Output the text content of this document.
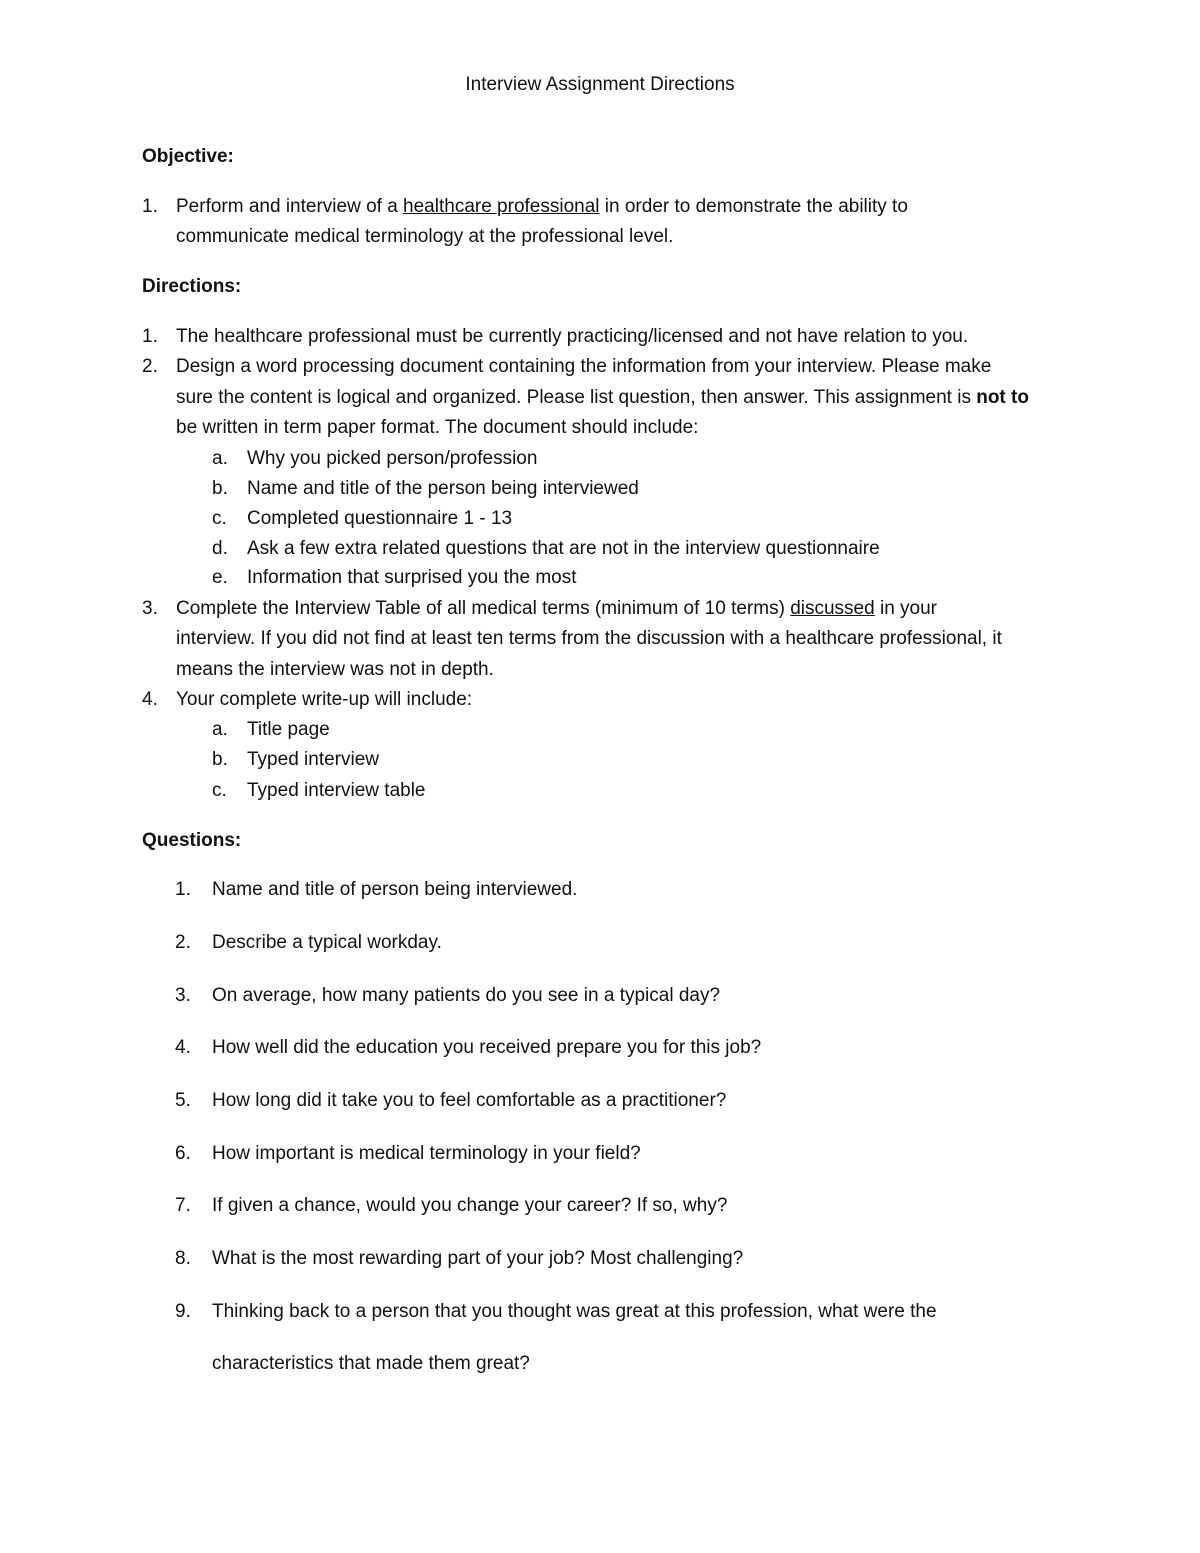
Interview Assignment Directions
Objective:
1. Perform and interview of a healthcare professional in order to demonstrate the ability to
communicate medical terminology at the professional level.
Directions:
1. The healthcare professional must be currently practicing/licensed and not have relation to you.
2. Design a word processing document containing the information from your interview. Please make
sure the content is logical and organized. Please list question, then answer. This assignment is not to
be written in term paper format. The document should include:
a. Why you picked person/profession
b. Name and title of the person being interviewed
c. Completed questionnaire 1 - 13
d. Ask a few extra related questions that are not in the interview questionnaire
e. Information that surprised you the most
3. Complete the Interview Table of all medical terms (minimum of 10 terms) discussed in your
interview. If you did not find at least ten terms from the discussion with a healthcare professional, it
means the interview was not in depth.
4. Your complete write-up will include:
a. Title page
b. Typed interview
c. Typed interview table
Questions:
1. Name and title of person being interviewed.
2. Describe a typical workday.
3. On average, how many patients do you see in a typical day?
4. How well did the education you received prepare you for this job?
5. How long did it take you to feel comfortable as a practitioner?
6. How important is medical terminology in your field?
7. If given a chance, would you change your career? If so, why?
8. What is the most rewarding part of your job? Most challenging?
9. Thinking back to a person that you thought was great at this profession, what were the
characteristics that made them great?
